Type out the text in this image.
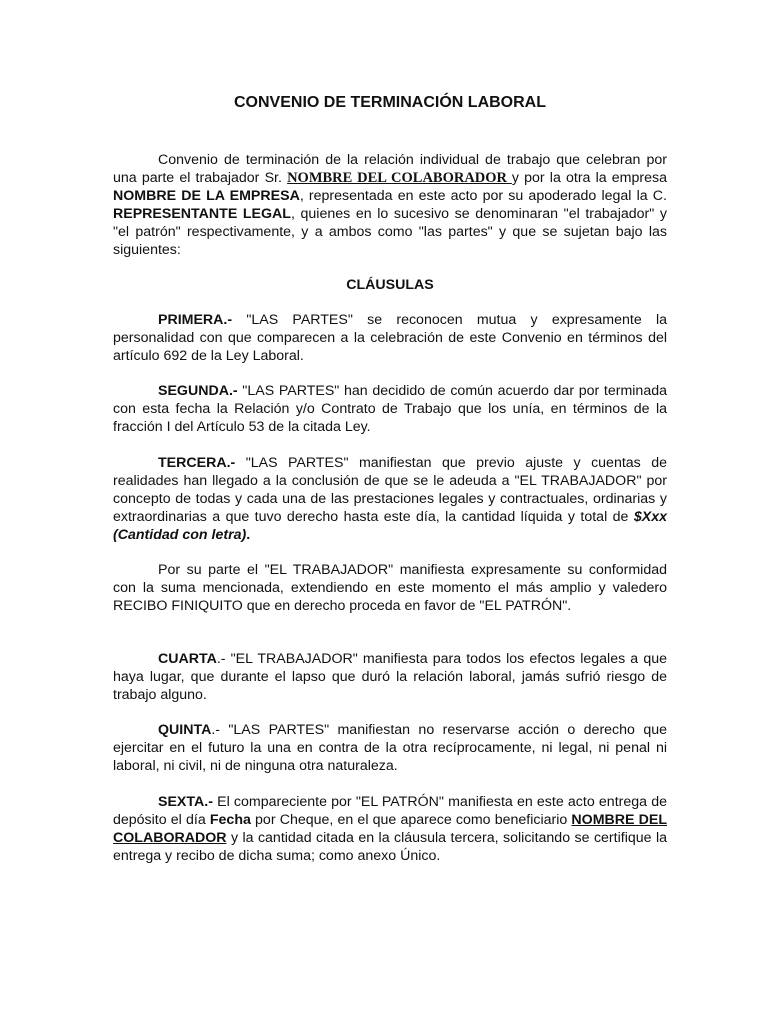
CONVENIO DE TERMINACIÓN LABORAL

Convenio de terminación de la relación individual de trabajo que celebran por una parte el trabajador Sr. NOMBRE DEL COLABORADOR y por la otra la empresa NOMBRE DE LA EMPRESA, representada en este acto por su apoderado legal la C. REPRESENTANTE LEGAL, quienes en lo sucesivo se denominaran "el trabajador" y "el patrón" respectivamente, y a ambos como "las partes" y que se sujetan bajo las siguientes:

CLÁUSULAS

PRIMERA.- "LAS PARTES" se reconocen mutua y expresamente la personalidad con que comparecen a la celebración de este Convenio en términos del artículo 692 de la Ley Laboral.

SEGUNDA.- "LAS PARTES" han decidido de común acuerdo dar por terminada con esta fecha la Relación y/o Contrato de Trabajo que los unía, en términos de la fracción I del Artículo 53 de la citada Ley.

TERCERA.- "LAS PARTES" manifiestan que previo ajuste y cuentas de realidades han llegado a la conclusión de que se le adeuda a "EL TRABAJADOR" por concepto de todas y cada una de las prestaciones legales y contractuales, ordinarias y extraordinarias a que tuvo derecho hasta este día, la cantidad líquida y total de $Xxx (Cantidad con letra).

Por su parte el "EL TRABAJADOR" manifiesta expresamente su conformidad con la suma mencionada, extendiendo en este momento el más amplio y valedero RECIBO FINIQUITO que en derecho proceda en favor de "EL PATRÓN".

CUARTA.- "EL TRABAJADOR" manifiesta para todos los efectos legales a que haya lugar, que durante el lapso que duró la relación laboral, jamás sufrió riesgo de trabajo alguno.

QUINTA.- "LAS PARTES" manifiestan no reservarse acción o derecho que ejercitar en el futuro la una en contra de la otra recíprocamente, ni legal, ni penal ni laboral, ni civil, ni de ninguna otra naturaleza.

SEXTA.- El compareciente por "EL PATRÓN" manifiesta en este acto entrega de depósito el día Fecha por Cheque, en el que aparece como beneficiario NOMBRE DEL COLABORADOR y la cantidad citada en la cláusula tercera, solicitando se certifique la entrega y recibo de dicha suma; como anexo Único.
